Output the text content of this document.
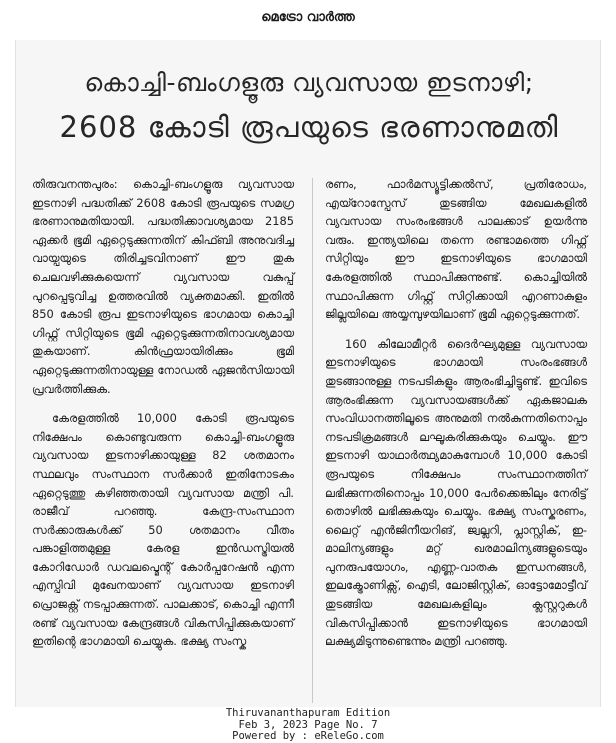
മെട്രോ വാർത്ത
കൊച്ചി-ബംഗളൂരു വ്യവസായ ഇടനാഴി;
2608 കോടി രൂപയുടെ ഭരണാനുമതി

തിരുവനന്തപുരം: കൊച്ചി-ബംഗളൂരു വ്യവസായ ഇടനാഴി പദ്ധതിക്ക് 2608 കോടി രൂപയുടെ സമഗ്ര ഭരണാനുമതിയായി. പദ്ധതിക്കാവശ്യമായ 2185 ഏക്കർ ഭൂമി ഏറ്റെടുക്കുന്നതിന് കിഫ്ബി അനുവദിച്ച വായ്പയുടെ തിരിച്ചടവിനാണ് ഈ തുക ചെലവഴിക്കുകയെന്ന് വ്യവസായ വകുപ്പ് പുറപ്പെടുവിച്ച ഉത്തരവിൽ വ്യക്തമാക്കി. ഇതിൽ 850 കോടി രൂപ ഇടനാഴിയുടെ ഭാഗമായ കൊച്ചി ഗിഫ്റ്റ് സിറ്റിയുടെ ഭൂമി ഏറ്റെടുക്കുന്നതിനാവശ്യമായ തുകയാണ്. കിൻഫ്രയായിരിക്കും ഭൂമി ഏറ്റെടുക്കുന്നതിനായുള്ള നോഡൽ ഏജൻസിയായി പ്രവർത്തിക്കുക.

കേരളത്തിൽ 10,000 കോടി രൂപയുടെ നിക്ഷേപം കൊണ്ടുവരുന്ന കൊച്ചി-ബംഗളൂരു വ്യവസായ ഇടനാഴിക്കായുള്ള 82 ശതമാനം സ്ഥലവും സംസ്ഥാന സർക്കാർ ഇതിനോടകം ഏറ്റെടുത്തു കഴിഞ്ഞതായി വ്യവസായ മന്ത്രി പി. രാജീവ് പറഞ്ഞു. കേന്ദ്ര-സംസ്ഥാന സർക്കാരുകൾക്ക് 50 ശതമാനം വീതം പങ്കാളിത്തമുള്ള കേരള ഇൻഡസ്ട്രിയൽ കോറിഡോർ ഡവലപ്മെന്റ് കോർപ്പറേഷൻ എന്ന എസ്പിവി മുഖേനയാണ് വ്യവസായ ഇടനാഴി പ്രൊജക്റ്റ് നടപ്പാക്കുന്നത്. പാലക്കാട്, കൊച്ചി എന്നീ രണ്ട് വ്യവസായ കേന്ദ്രങ്ങൾ വികസിപ്പിക്കുകയാണ് ഇതിന്റെ ഭാഗമായി ചെയ്യുക. ഭക്ഷ്യ സംസ്ക

രണം, ഫാർമസ്യൂട്ടിക്കൽസ്, പ്രതിരോധം, എയ്റോസ്പേസ് തുടങ്ങിയ മേഖലകളിൽ വ്യവസായ സംരംഭങ്ങൾ പാലക്കാട് ഉയർന്നു വരും. ഇന്ത്യയിലെ തന്നെ രണ്ടാമത്തെ ഗിഫ്റ്റ് സിറ്റിയും ഈ ഇടനാഴിയുടെ ഭാഗമായി കേരളത്തിൽ സ്ഥാപിക്കുന്നുണ്ട്. കൊച്ചിയിൽ സ്ഥാപിക്കുന്ന ഗിഫ്റ്റ് സിറ്റിക്കായി എറണാകുളം ജില്ലയിലെ അയ്യമ്പുഴയിലാണ് ഭൂമി ഏറ്റെടുക്കുന്നത്.

160 കിലോമീറ്റർ ദൈർഘ്യമുള്ള വ്യവസായ ഇടനാഴിയുടെ ഭാഗമായി സംരംഭങ്ങൾ തുടങ്ങാനുള്ള നടപടികളും ആരംഭിച്ചിട്ടുണ്ട്. ഇവിടെ ആരംഭിക്കുന്ന വ്യവസായങ്ങൾക്ക് ഏകജാലക സംവിധാനത്തിലൂടെ അനുമതി നൽകുന്നതിനൊപ്പം നടപടിക്രമങ്ങൾ ലഘൂകരിക്കുകയും ചെയ്യും. ഈ ഇടനാഴി യാഥാർത്ഥ്യമാകുമ്പോൾ 10,000 കോടി രൂപയുടെ നിക്ഷേപം സംസ്ഥാനത്തിന് ലഭിക്കുന്നതിനൊപ്പം 10,000 പേർക്കെങ്കിലും നേരിട്ട് തൊഴിൽ ലഭിക്കുകയും ചെയ്യും. ഭക്ഷ്യ സംസ്കരണം, ലൈറ്റ് എൻജിനീയറിങ്, ജ്വല്ലറി, പ്ലാസ്റ്റിക്, ഇ-മാലിന്യങ്ങളും മറ്റ് ഖരമാലിന്യങ്ങളുടെയും പുനരുപയോഗം, എണ്ണ-വാതക ഇന്ധനങ്ങൾ, ഇലക്ട്രോണിക്സ്, ഐടി, ലോജിസ്റ്റിക്, ഓട്ടോമോട്ടീവ് തുടങ്ങിയ മേഖലകളിലും ക്ലസ്റ്ററുകൾ വികസിപ്പിക്കാൻ ഇടനാഴിയുടെ ഭാഗമായി ലക്ഷ്യമിടുന്നുണ്ടെന്നും മന്ത്രി പറഞ്ഞു.

Thiruvananthapuram Edition
Feb 3, 2023 Page No. 7
Powered by : eReleGo.com
